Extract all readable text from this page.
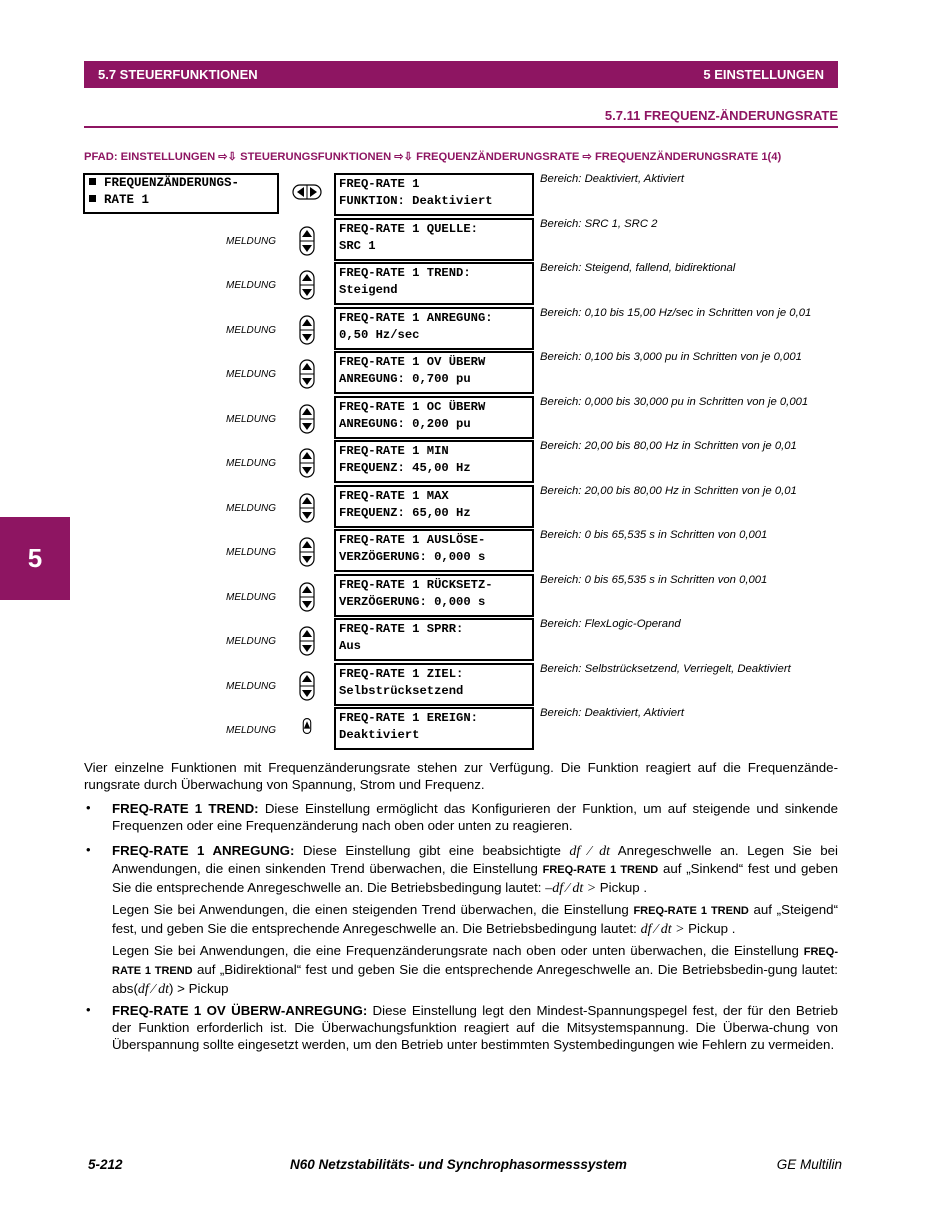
5.7 STEUERFUNKTIONEN	5 EINSTELLUNGEN
5.7.11 FREQUENZ-ÄNDERUNGSRATE
PFAD: EINSTELLUNGEN ⇨⇩ STEUERUNGSFUNKTIONEN ⇨⇩ FREQUENZÄNDERUNGSRATE ⇨ FREQUENZÄNDERUNGSRATE 1(4)
5
FREQUENZÄNDERUNGS-
RATE 1
FREQ-RATE 1
FUNKTION: Deaktiviert
Bereich: Deaktiviert, Aktiviert
MELDUNG
FREQ-RATE 1 QUELLE:
SRC 1
Bereich: SRC 1, SRC 2
MELDUNG
FREQ-RATE 1 TREND:
Steigend
Bereich: Steigend, fallend, bidirektional
MELDUNG
FREQ-RATE 1 ANREGUNG:
0,50 Hz/sec
Bereich: 0,10 bis 15,00 Hz/sec in Schritten von je 0,01
MELDUNG
FREQ-RATE 1 OV ÜBERW
ANREGUNG: 0,700 pu
Bereich: 0,100 bis 3,000 pu in Schritten von je 0,001
MELDUNG
FREQ-RATE 1 OC ÜBERW
ANREGUNG: 0,200 pu
Bereich: 0,000 bis 30,000 pu in Schritten von je 0,001
MELDUNG
FREQ-RATE 1 MIN
FREQUENZ: 45,00 Hz
Bereich: 20,00 bis 80,00 Hz in Schritten von je 0,01
MELDUNG
FREQ-RATE 1 MAX
FREQUENZ: 65,00 Hz
Bereich: 20,00 bis 80,00 Hz in Schritten von je 0,01
MELDUNG
FREQ-RATE 1 AUSLÖSE-
VERZÖGERUNG: 0,000 s
Bereich: 0 bis 65,535 s in Schritten von 0,001
MELDUNG
FREQ-RATE 1 RÜCKSETZ-
VERZÖGERUNG: 0,000 s
Bereich: 0 bis 65,535 s in Schritten von 0,001
MELDUNG
FREQ-RATE 1 SPRR:
Aus
Bereich: FlexLogic-Operand
MELDUNG
FREQ-RATE 1 ZIEL:
Selbstrücksetzend
Bereich: Selbstrücksetzend, Verriegelt, Deaktiviert
MELDUNG
FREQ-RATE 1 EREIGN:
Deaktiviert
Bereich: Deaktiviert, Aktiviert
Vier einzelne Funktionen mit Frequenzänderungsrate stehen zur Verfügung. Die Funktion reagiert auf die Frequenzände-rungsrate durch Überwachung von Spannung, Strom und Frequenz.
• FREQ-RATE 1 TREND: Diese Einstellung ermöglicht das Konfigurieren der Funktion, um auf steigende und sinkende Frequenzen oder eine Frequenzänderung nach oben oder unten zu reagieren.
• FREQ-RATE 1 ANREGUNG: Diese Einstellung gibt eine beabsichtigte df ⁄ dt Anregeschwelle an. Legen Sie bei Anwendungen, die einen sinkenden Trend überwachen, die Einstellung FREQ-RATE 1 TREND auf „Sinkend“ fest und geben Sie die entsprechende Anregeschwelle an. Die Betriebsbedingung lautet: –df ⁄ dt > Pickup .
Legen Sie bei Anwendungen, die einen steigenden Trend überwachen, die Einstellung FREQ-RATE 1 TREND auf „Steigend“ fest, und geben Sie die entsprechende Anregeschwelle an. Die Betriebsbedingung lautet: df ⁄ dt > Pickup .
Legen Sie bei Anwendungen, die eine Frequenzänderungsrate nach oben oder unten überwachen, die Einstellung FREQ-RATE 1 TREND auf „Bidirektional“ fest und geben Sie die entsprechende Anregeschwelle an. Die Betriebsbedin-gung lautet: abs(df ⁄ dt) > Pickup
• FREQ-RATE 1 OV ÜBERW-ANREGUNG: Diese Einstellung legt den Mindest-Spannungspegel fest, der für den Betrieb der Funktion erforderlich ist. Die Überwachungsfunktion reagiert auf die Mitsystemspannung. Die Überwa-chung von Überspannung sollte eingesetzt werden, um den Betrieb unter bestimmten Systembedingungen wie Fehlern zu vermeiden.
5-212	N60 Netzstabilitäts- und Synchrophasormesssystem	GE Multilin
